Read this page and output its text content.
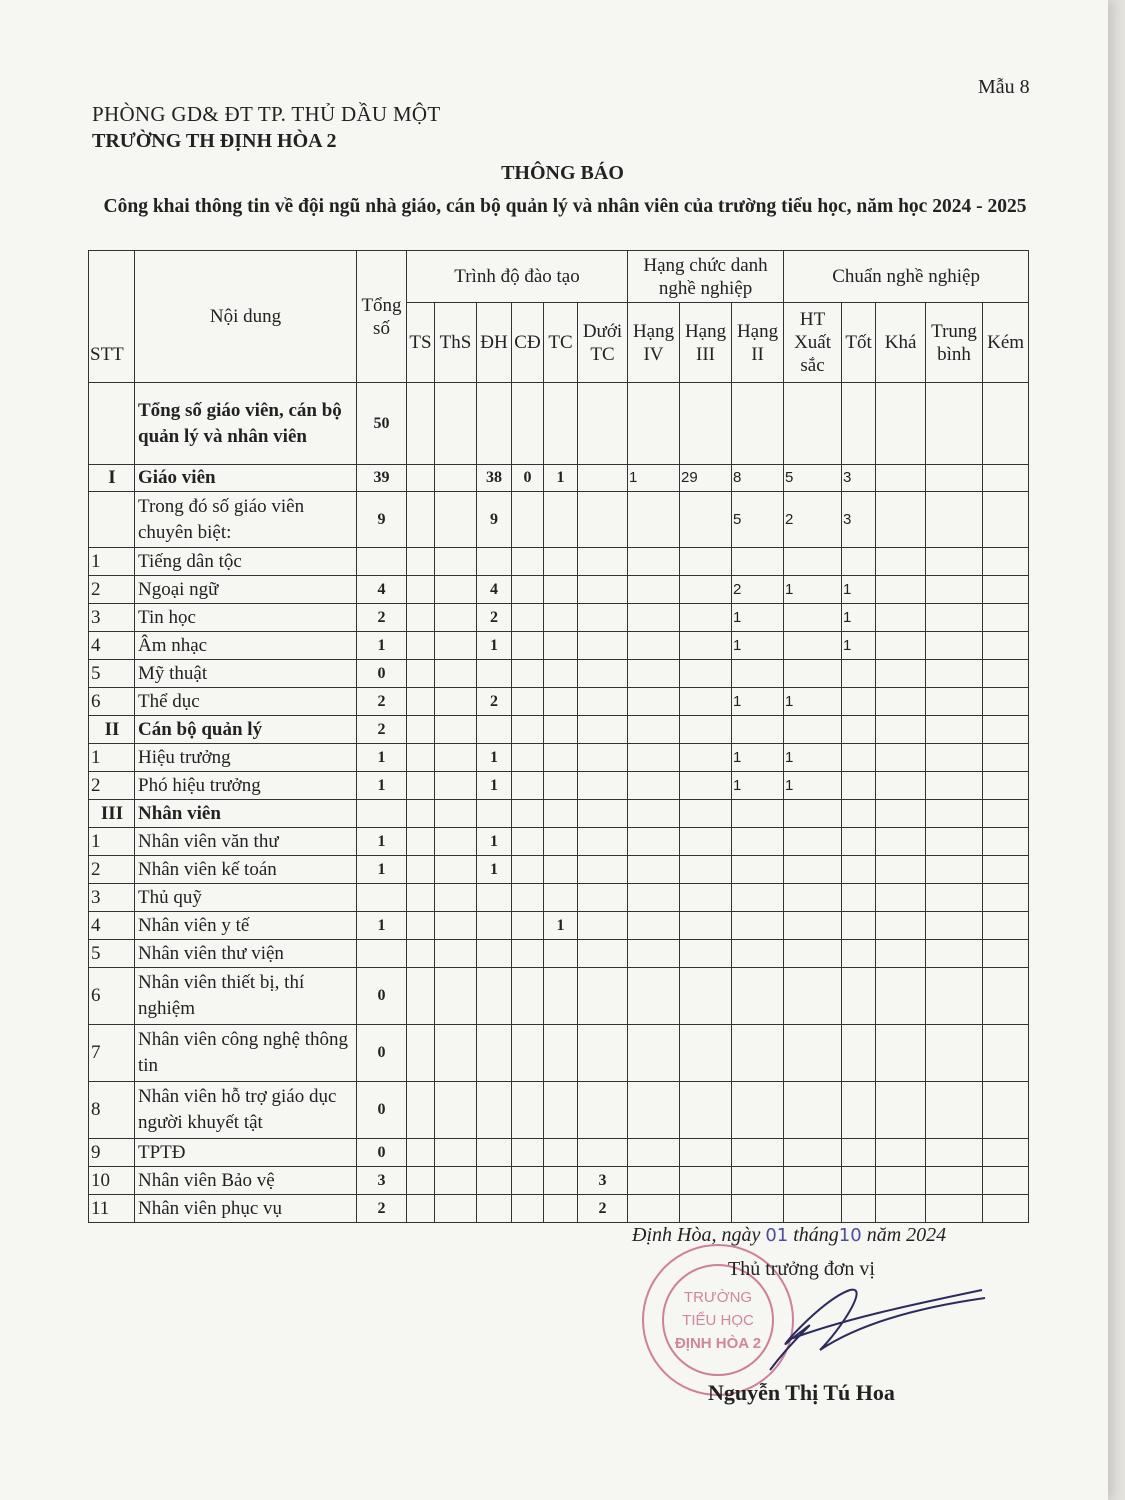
Mẫu 8
PHÒNG GD& ĐT TP. THỦ DẦU MỘT
TRƯỜNG TH ĐỊNH HÒA 2
THÔNG BÁO
Công khai thông tin về đội ngũ nhà giáo, cán bộ quản lý và nhân viên của trường tiểu học, năm học 2024 - 2025
STT	Nội dung	Tổng số	Trình độ đào tạo						Hạng chức danh nghề nghiệp			Chuẩn nghề nghiệp				
			TS	ThS	ĐH	CĐ	TC	Dưới TC	Hạng IV	Hạng III	Hạng II	HT Xuất sắc	Tốt	Khá	Trung bình	Kém
	Tổng số giáo viên, cán bộ quản lý và nhân viên	50														
I	Giáo viên	39			38	0	1		1	29	8	5	3			
	Trong đó số giáo viên chuyên biệt:	9			9						5	2	3			
1	Tiếng dân tộc															
2	Ngoại ngữ	4			4						2	1	1			
3	Tin học	2			2						1		1			
4	Âm nhạc	1			1						1		1			
5	Mỹ thuật	0														
6	Thể dục	2			2						1	1				
II	Cán bộ quản lý	2														
1	Hiệu trưởng	1			1						1	1				
2	Phó hiệu trưởng	1			1						1	1				
III	Nhân viên															
1	Nhân viên văn thư	1			1											
2	Nhân viên kế toán	1			1											
3	Thủ quỹ															
4	Nhân viên y tế	1					1									
5	Nhân viên thư viện															
6	Nhân viên thiết bị, thí nghiệm	0														
7	Nhân viên công nghệ thông tin	0														
8	Nhân viên hỗ trợ giáo dục người khuyết tật	0														
9	TPTĐ	0														
10	Nhân viên Bảo vệ	3						3								
11	Nhân viên phục vụ	2						2								
Định Hòa, ngày 01 tháng10 năm 2024
TRƯỜNG
TIỂU HỌC
ĐỊNH HÒA 2
Thủ trưởng đơn vị
Nguyễn Thị Tú Hoa
